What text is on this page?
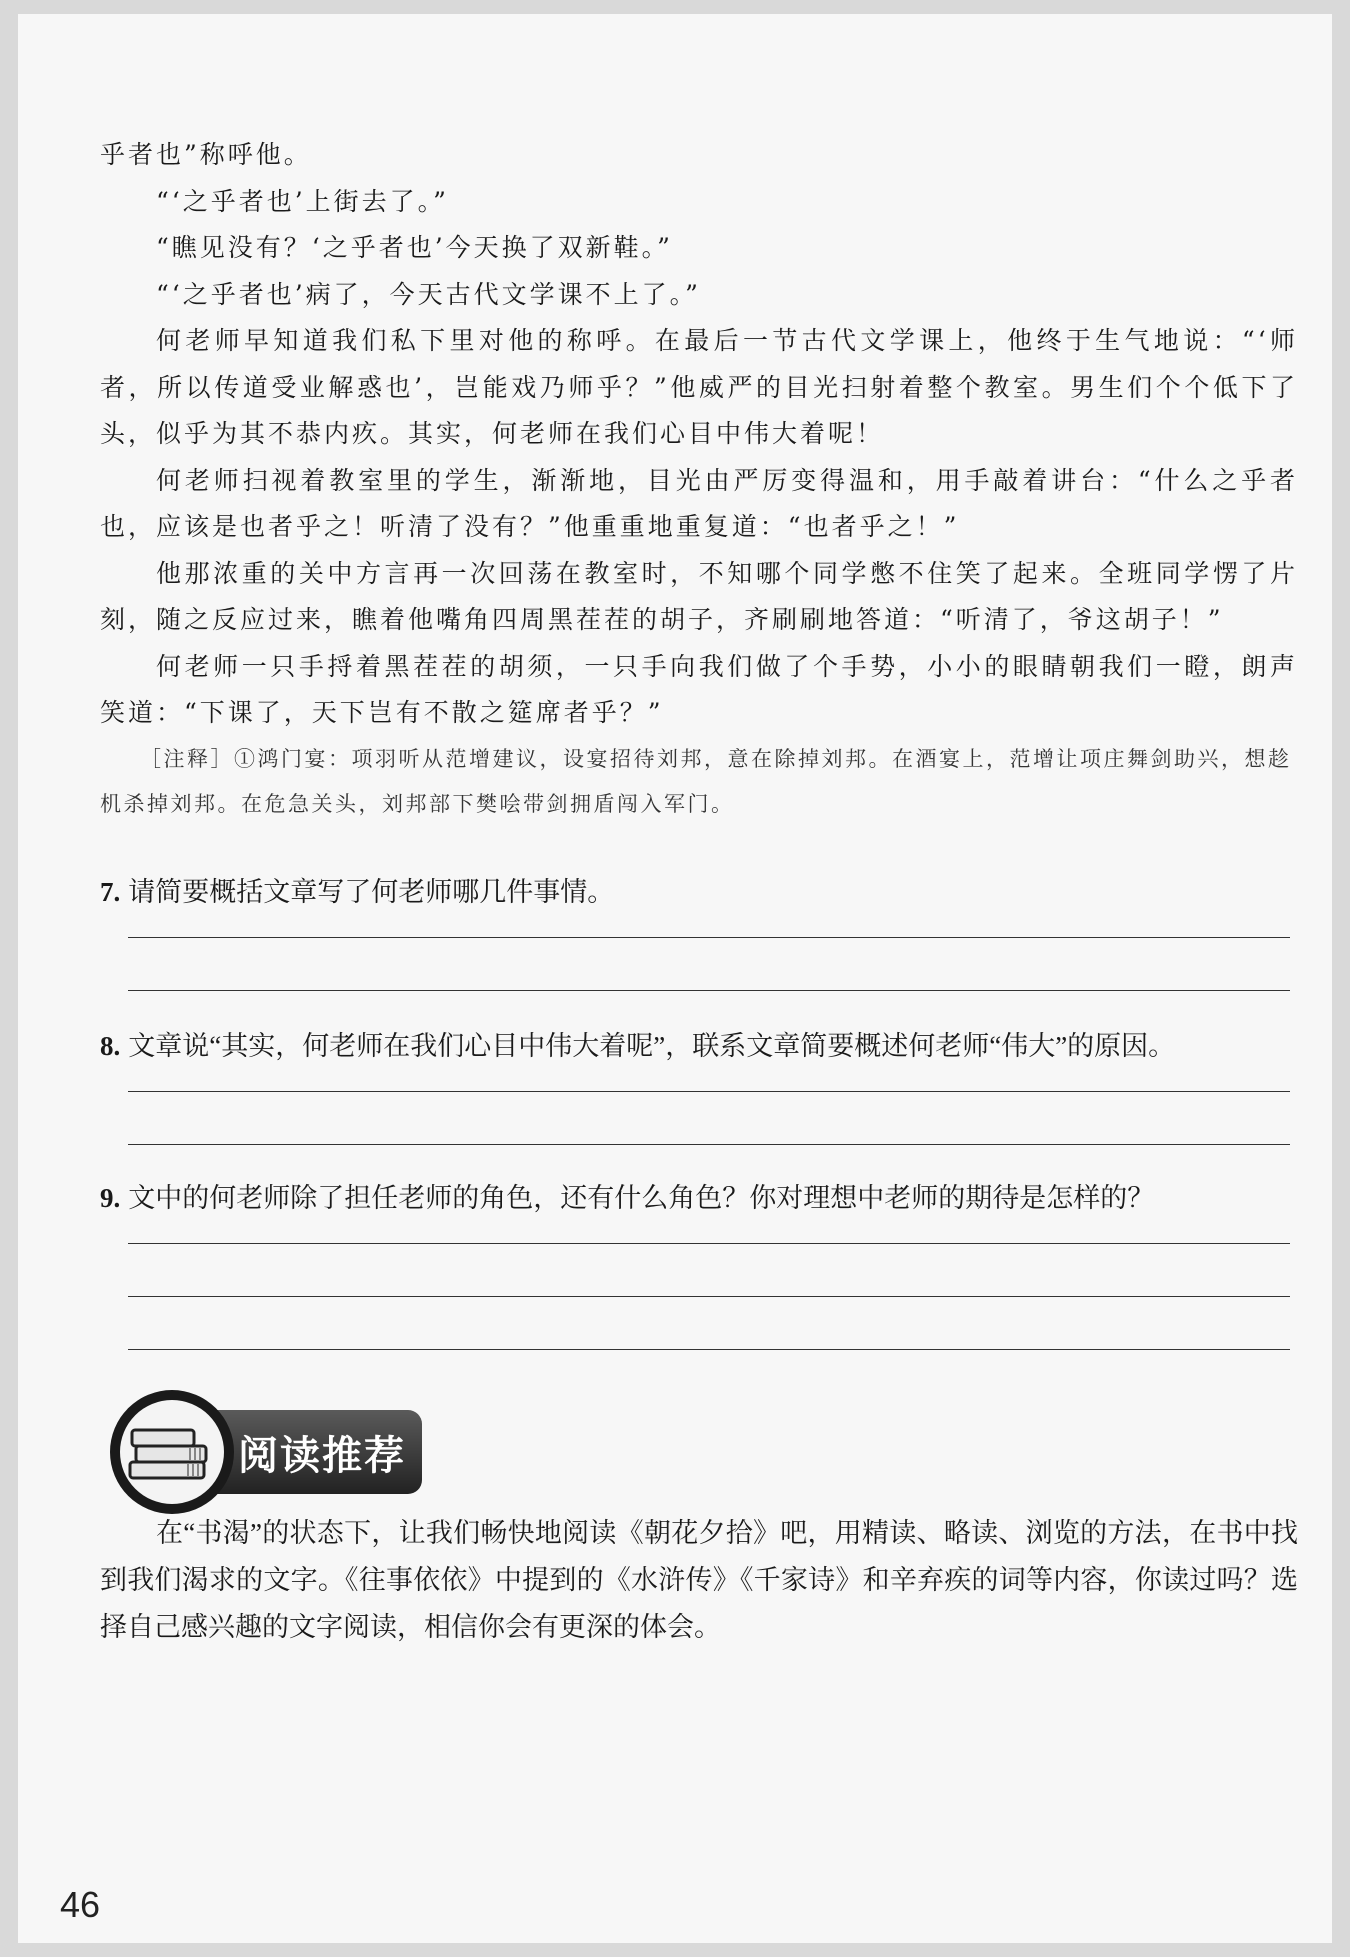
乎者也”称呼他。

“‘之乎者也’上街去了。”

“瞧见没有？‘之乎者也’今天换了双新鞋。”

“‘之乎者也’病了，今天古代文学课不上了。”

何老师早知道我们私下里对他的称呼。在最后一节古代文学课上，他终于生气地说：“‘师者，所以传道受业解惑也’，岂能戏乃师乎？”他威严的目光扫射着整个教室。男生们个个低下了头，似乎为其不恭内疚。其实，何老师在我们心目中伟大着呢！

何老师扫视着教室里的学生，渐渐地，目光由严厉变得温和，用手敲着讲台：“什么之乎者也，应该是也者乎之！听清了没有？”他重重地重复道：“也者乎之！”

他那浓重的关中方言再一次回荡在教室时，不知哪个同学憋不住笑了起来。全班同学愣了片刻，随之反应过来，瞧着他嘴角四周黑茬茬的胡子，齐刷刷地答道：“听清了，爷这胡子！”

何老师一只手捋着黑茬茬的胡须，一只手向我们做了个手势，小小的眼睛朝我们一瞪，朗声笑道：“下课了，天下岂有不散之筵席者乎？”

［注释］①鸿门宴：项羽听从范增建议，设宴招待刘邦，意在除掉刘邦。在酒宴上，范增让项庄舞剑助兴，想趁机杀掉刘邦。在危急关头，刘邦部下樊哙带剑拥盾闯入军门。

7. 请简要概括文章写了何老师哪几件事情。

8. 文章说“其实，何老师在我们心目中伟大着呢”，联系文章简要概述何老师“伟大”的原因。

9. 文中的何老师除了担任老师的角色，还有什么角色？你对理想中老师的期待是怎样的？

在“书渴”的状态下，让我们畅快地阅读《朝花夕拾》吧，用精读、略读、浏览的方法，在书中找到我们渴求的文字。《往事依依》中提到的《水浒传》《千家诗》和辛弃疾的词等内容，你读过吗？选择自己感兴趣的文字阅读，相信你会有更深的体会。

阅读推荐
46
